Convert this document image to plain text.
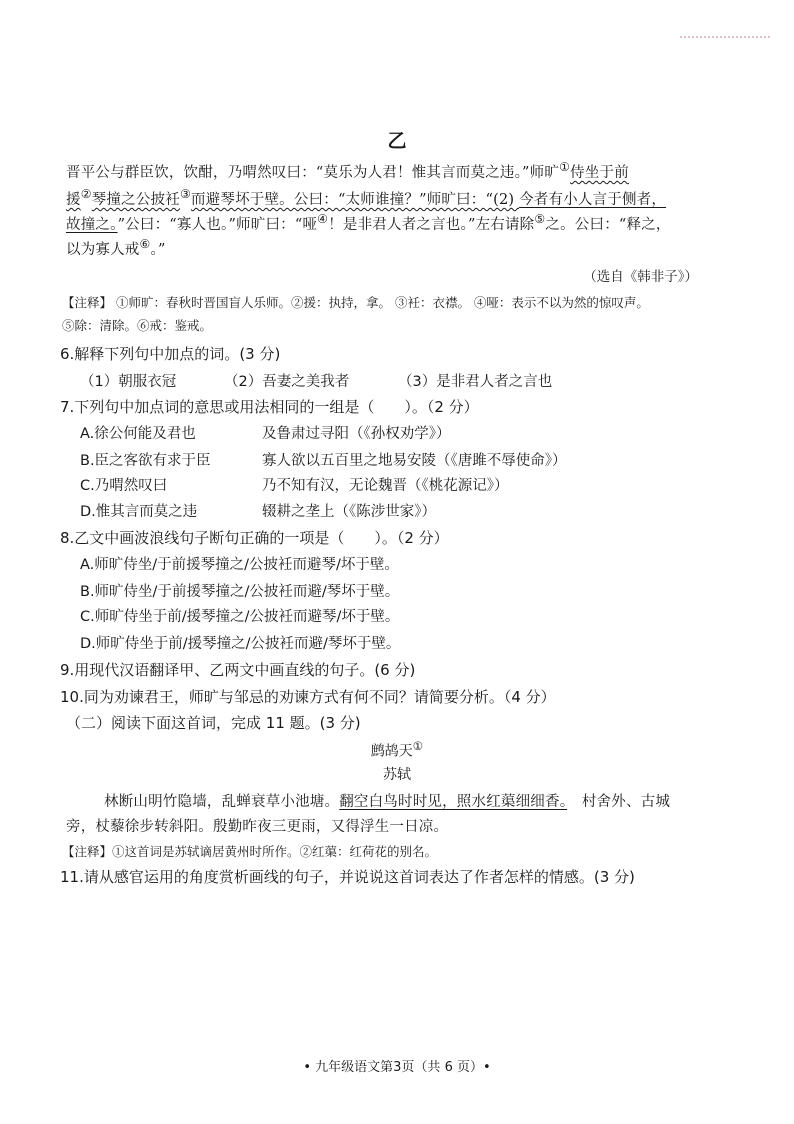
乙
晋平公与群臣饮，饮酣，乃喟然叹曰：“莫乐为人君！惟其言而莫之违。”师旷①侍坐于前
援②琴撞之公披衽③而避琴坏于壁。公曰：“太师谁撞？”师旷曰：“(2) 今者有小人言于侧者，
故撞之。”公曰：“寡人也。”师旷曰：“哑④！是非君人者之言也。”左右请除⑤之。公曰：“释之，
以为寡人戒⑥。”
（选自《韩非子》）
【注释】 ①师旷：春秋时晋国盲人乐师。②援：执持，拿。 ③衽：衣襟。 ④哑：表示不以为然的惊叹声。
⑤除：清除。⑥戒：鉴戒。
6.解释下列句中加点的词。(3 分)
（1）朝服衣冠	（2）吾妻之美我者	（3）是非君人者之言也
7.下列句中加点词的意思或用法相同的一组是（　　）。（2 分）
A.徐公何能及君也	及鲁肃过寻阳（《孙权劝学》）
B.臣之客欲有求于臣	寡人欲以五百里之地易安陵（《唐雎不辱使命》）
C.乃喟然叹曰	乃不知有汉，无论魏晋（《桃花源记》）
D.惟其言而莫之违	辍耕之垄上（《陈涉世家》）
8.乙文中画波浪线句子断句正确的一项是（　　）。（2 分）
A.师旷侍坐/于前援琴撞之/公披衽而避琴/坏于壁。
B.师旷侍坐/于前援琴撞之/公披衽而避/琴坏于壁。
C.师旷侍坐于前/援琴撞之/公披衽而避琴/坏于壁。
D.师旷侍坐于前/援琴撞之/公披衽而避/琴坏于壁。
9.用现代汉语翻译甲、乙两文中画直线的句子。(6 分)
10.同为劝谏君王，师旷与邹忌的劝谏方式有何不同？请简要分析。（4 分）
（二）阅读下面这首词，完成 11 题。(3 分)
鹧鸪天①
苏轼
林断山明竹隐墙，乱蝉衰草小池塘。翻空白鸟时时见，照水红蕖细细香。　村舍外、古城
旁，杖藜徐步转斜阳。殷勤昨夜三更雨，又得浮生一日凉。
【注释】①这首词是苏轼谪居黄州时所作。②红蕖：红荷花的别名。
11.请从感官运用的角度赏析画线的句子，并说说这首词表达了作者怎样的情感。(3 分)
• 九年级语文第3页（共 6 页）•
